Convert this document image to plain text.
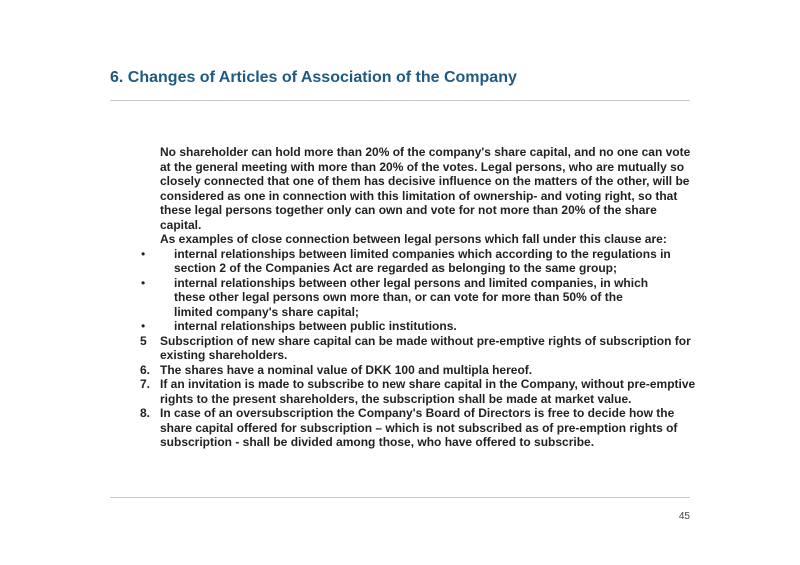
6. Changes of Articles of Association of the Company
No shareholder can hold more than 20% of the company's share capital, and no one can vote
at the general meeting with more than 20% of the votes. Legal persons, who are mutually so
closely connected that one of them has decisive influence on the matters of the other, will be
considered as one in connection with this limitation of ownership- and voting right, so that
these legal persons together only can own and vote for not more than 20% of the share
capital.
As examples of close connection between legal persons which fall under this clause are:
• internal relationships between limited companies which according to the regulations in
section 2 of the Companies Act are regarded as belonging to the same group;
• internal relationships between other legal persons and limited companies, in which
these other legal persons own more than, or can vote for more than 50% of the
limited company's share capital;
• internal relationships between public institutions.
5 Subscription of new share capital can be made without pre-emptive rights of subscription for
existing shareholders.
6. The shares have a nominal value of DKK 100 and multipla hereof.
7. If an invitation is made to subscribe to new share capital in the Company, without pre-emptive
rights to the present shareholders, the subscription shall be made at market value.
8. In case of an oversubscription the Company's Board of Directors is free to decide how the
share capital offered for subscription – which is not subscribed as of pre-emption rights of
subscription - shall be divided among those, who have offered to subscribe.
45
